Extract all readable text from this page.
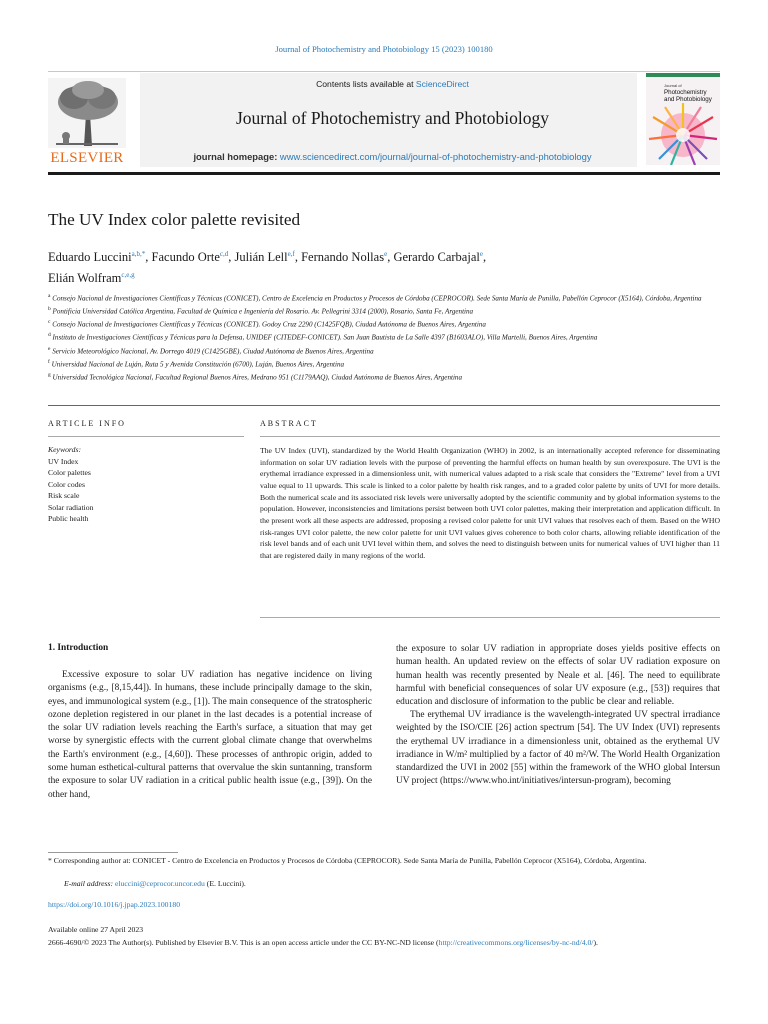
Journal of Photochemistry and Photobiology 15 (2023) 100180
ELSEVIER
Contents lists available at ScienceDirect
Journal of Photochemistry and Photobiology
journal homepage: www.sciencedirect.com/journal/journal-of-photochemistry-and-photobiology
Journal of
Photochemistry
and Photobiology
The UV Index color palette revisited
Eduardo Luccini$^{a,b,*}$, Facundo Orte$^{c,d}$, Julián Lell$^{e,f}$, Fernando Nollas$^e$, Gerardo Carbajal$^e$,
Elián Wolfram$^{c,e,g}$
$^a$ Consejo Nacional de Investigaciones Científicas y Técnicas (CONICET), Centro de Excelencia en Productos y Procesos de Córdoba (CEPROCOR). Sede Santa María de Punilla, Pabellón Ceprocor (X5164), Córdoba, Argentina
$^b$ Pontificia Universidad Católica Argentina, Facultad de Química e Ingeniería del Rosario. Av. Pellegrini 3314 (2000), Rosario, Santa Fe, Argentina
$^c$ Consejo Nacional de Investigaciones Científicas y Técnicas (CONICET). Godoy Cruz 2290 (C1425FQB), Ciudad Autónoma de Buenos Aires, Argentina
$^d$ Instituto de Investigaciones Científicas y Técnicas para la Defensa, UNIDEF (CITEDEF-CONICET). San Juan Bautista de La Salle 4397 (B1603ALO), Villa Martelli, Buenos Aires, Argentina
$^e$ Servicio Meteorológico Nacional, Av. Dorrego 4019 (C1425GBE), Ciudad Autónoma de Buenos Aires, Argentina
$^f$ Universidad Nacional de Luján, Ruta 5 y Avenida Constitución (6700), Luján, Buenos Aires, Argentina
$^g$ Universidad Tecnológica Nacional, Facultad Regional Buenos Aires, Medrano 951 (C1179AAQ), Ciudad Autónoma de Buenos Aires, Argentina
ARTICLE INFO	ABSTRACT
Keywords:
UV Index
Color palettes
Color codes
Risk scale
Solar radiation
Public health
The UV Index (UVI), standardized by the World Health Organization (WHO) in 2002, is an internationally accepted reference for disseminating information on solar UV radiation levels with the purpose of preventing the harmful effects on human health by sun overexposure. The UVI is the erythemal irradiance expressed in a dimensionless unit, with numerical values adapted to a risk scale that considers the "Extreme" level from a UVI value equal to 11 upwards. This scale is linked to a color palette by health risk ranges, and to a graded color palette by units of UVI for more details. Both the numerical scale and its associated risk levels were universally adopted by the scientific community and by global information systems to the population. However, inconsistencies and limitations persist between both UVI color palettes, making their interpretation and application difficult. In the present work all these aspects are addressed, proposing a revised color palette for unit UVI values that resolves each of them. Based on the WHO risk-ranges UVI color palette, the new color palette for unit UVI values gives coherence to both color charts, allowing reliable identification of the risk level bands and of each unit UVI level within them, and solves the need to distinguish between units for numerical values of UVI higher than 11 that are registered daily in many regions of the world.
1. Introduction
Excessive exposure to solar UV radiation has negative incidence on living organisms (e.g., [8,15,44]). In humans, these include principally damage to the skin, eyes, and immunological system (e.g., [1]). The main consequence of the stratospheric ozone depletion registered in our planet in the last decades is a potential increase of the solar UV radiation levels reaching the Earth's surface, a situation that may get worse by synergistic effects with the current global climate change that overwhelms the Earth's environment (e.g., [4,60]). These processes of anthropic origin, added to some human esthetical-cultural patterns that overvalue the skin suntanning, transform the exposure to solar UV radiation in a critical public health issue (e.g., [39]). On the other hand,
the exposure to solar UV radiation in appropriate doses yields positive effects on human health. An updated review on the effects of solar UV radiation exposure on human health was recently presented by Neale et al. [46]. The need to equilibrate harmful with beneficial consequences of solar UV exposure (e.g., [53]) requires that education and disclosure of information to the public be clear and reliable.
The erythemal UV irradiance is the wavelength-integrated UV spectral irradiance weighted by the ISO/CIE [26] action spectrum [54]. The UV Index (UVI) represents the erythemal UV irradiance in a dimensionless unit, obtained as the erythemal UV irradiance in W/m² multiplied by a factor of 40 m²/W. The World Health Organization standardized the UVI in 2002 [55] within the framework of the WHO global Intersun UV project (https://www.who.int/initiatives/intersun-program), becoming
* Corresponding author at: CONICET - Centro de Excelencia en Productos y Procesos de Córdoba (CEPROCOR). Sede Santa María de Punilla, Pabellón Ceprocor (X5164), Córdoba, Argentina.
E-mail address: eluccini@ceprocor.uncor.edu (E. Luccini).
https://doi.org/10.1016/j.jpap.2023.100180
Available online 27 April 2023
2666-4690/© 2023 The Author(s). Published by Elsevier B.V. This is an open access article under the CC BY-NC-ND license (http://creativecommons.org/licenses/by-nc-nd/4.0/).
